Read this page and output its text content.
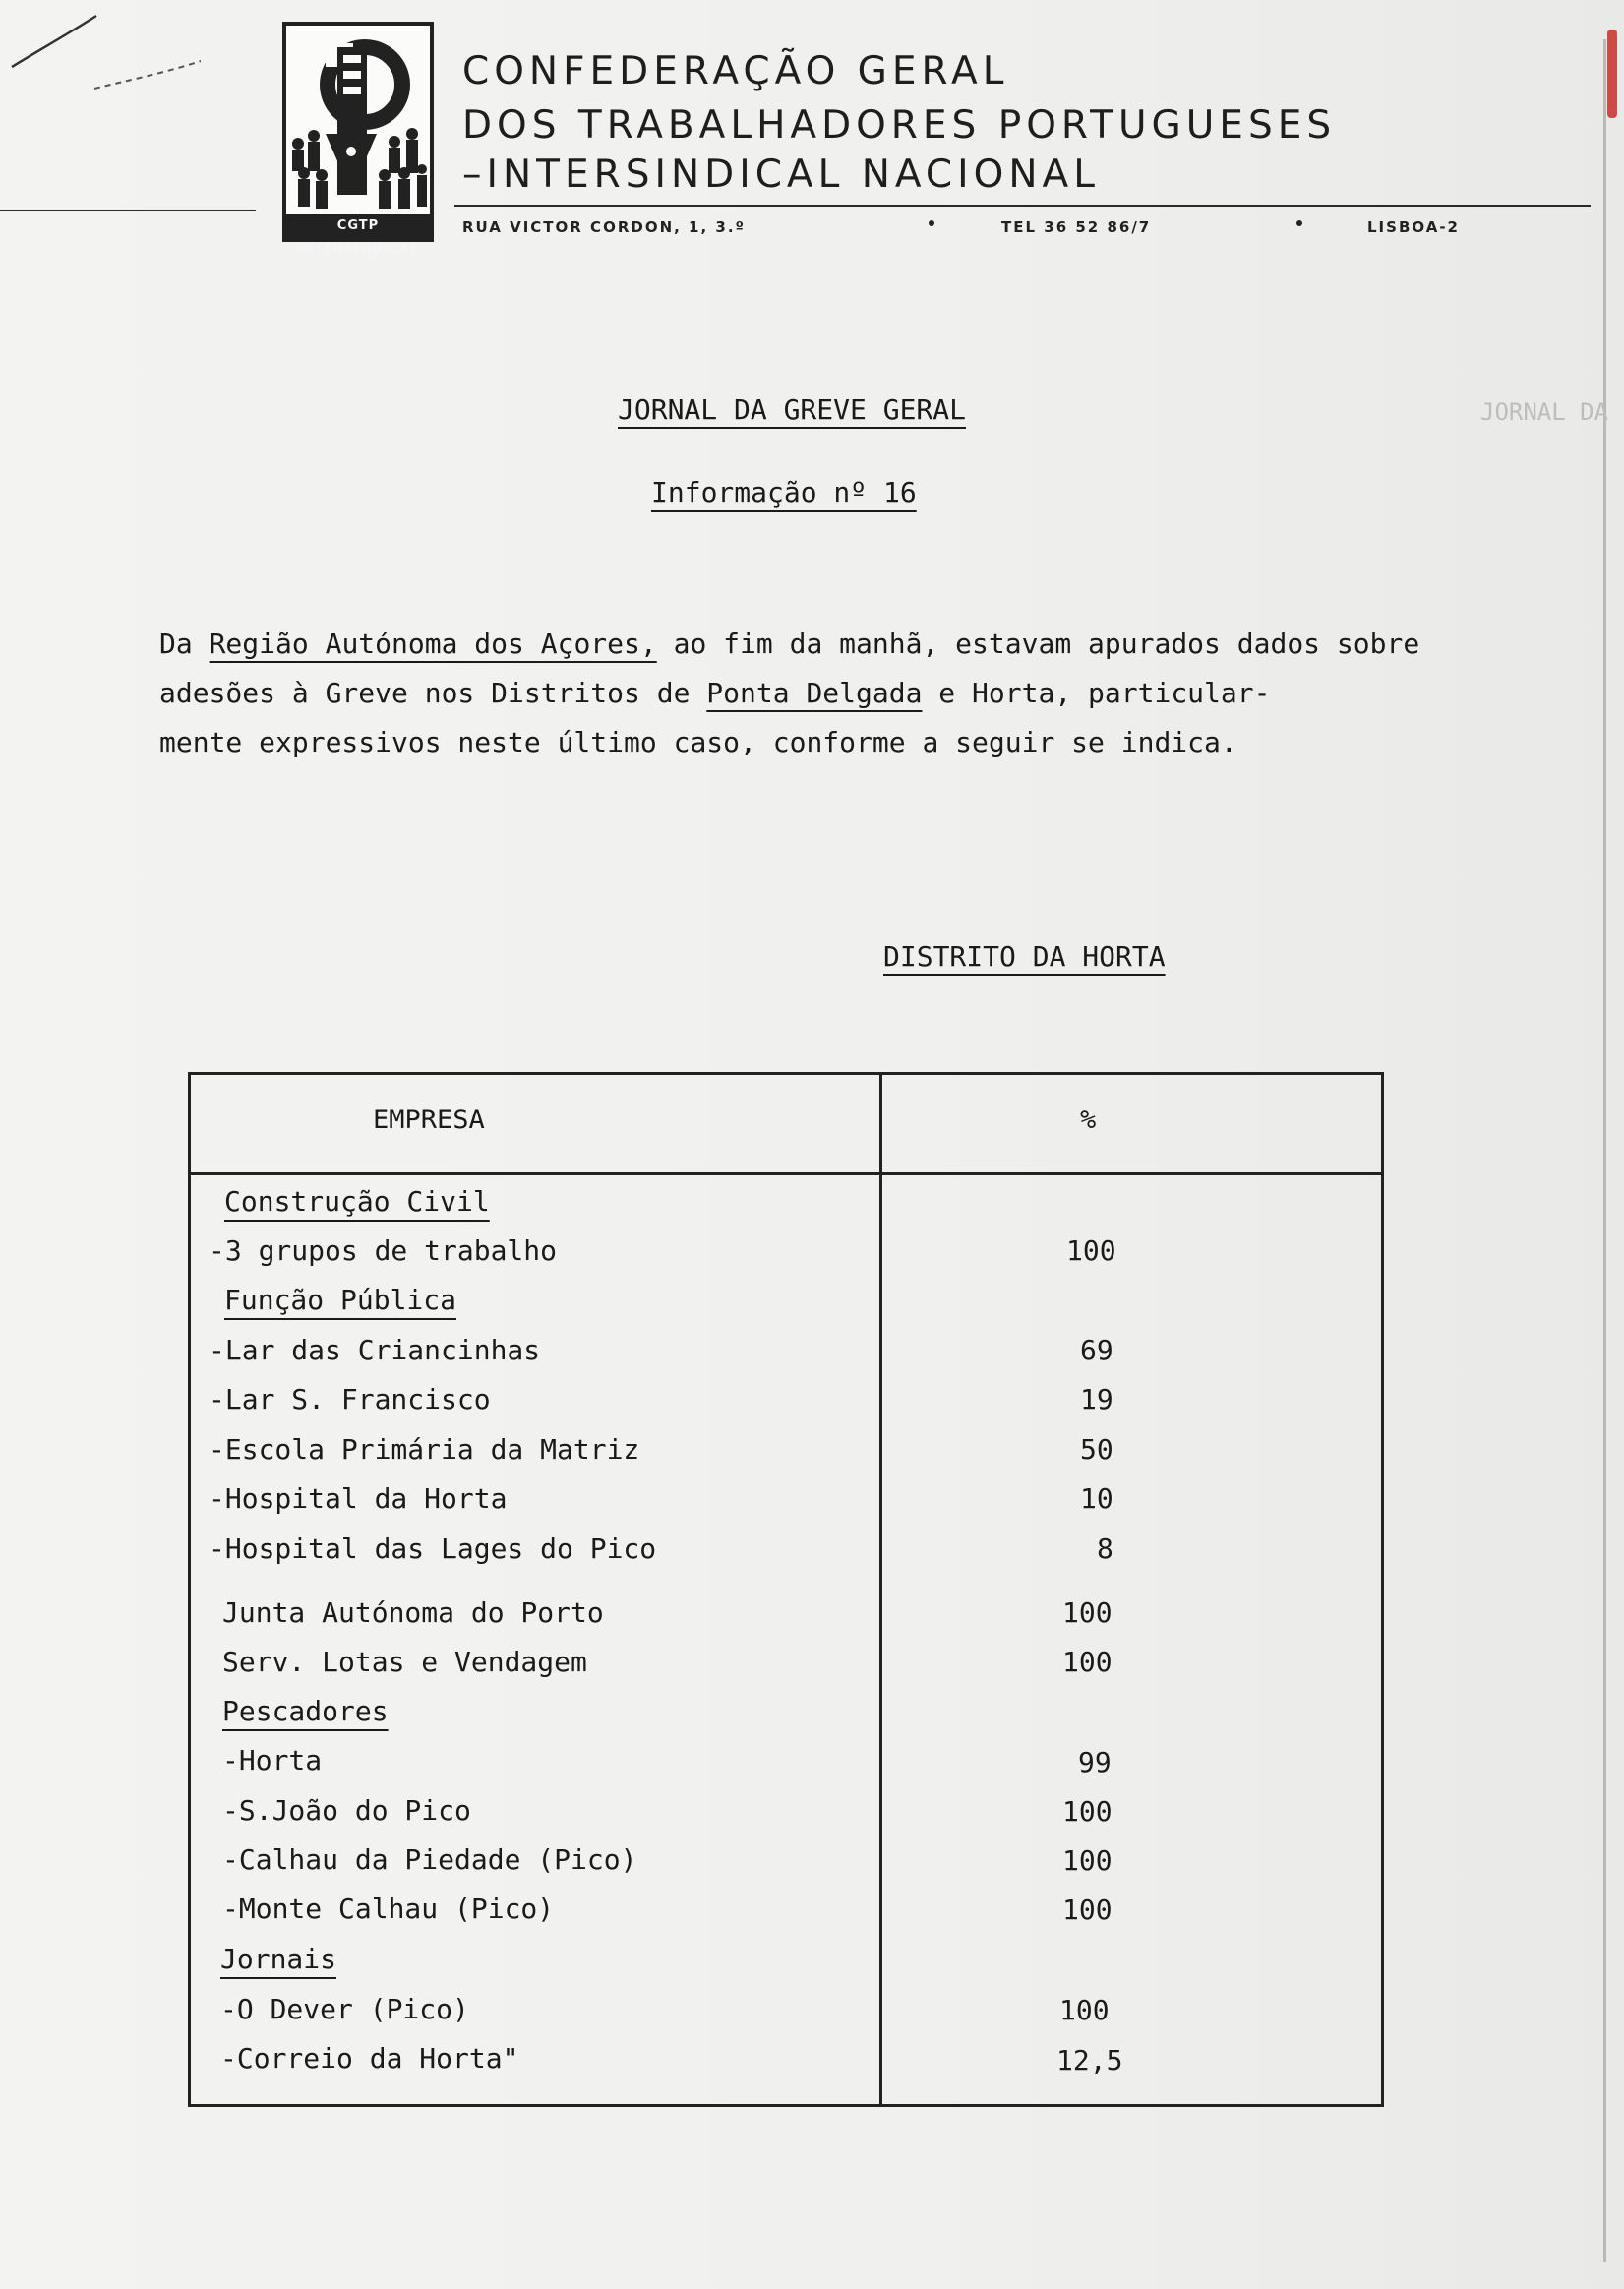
CGTP INTERSINDICAL
CONFEDERAÇÃO GERAL
DOS TRABALHADORES PORTUGUESES
–INTERSINDICAL NACIONAL
RUA VICTOR CORDON, 1, 3.º	TEL 36 52 86/7	LISBOA-2
JORNAL DA GREVE GERAL
Informação nº 16
JORNAL DA
Da Região Autónoma dos Açores, ao fim da manhã, estavam apurados dados sobre
adesões à Greve nos Distritos de Ponta Delgada e Horta, particular-
mente expressivos neste último caso, conforme a seguir se indica.
DISTRITO DA HORTA
EMPRESA	%
Construção Civil
-3 grupos de trabalho	100
Função Pública
-Lar das Criancinhas	69
-Lar S. Francisco	19
-Escola Primária da Matriz	50
-Hospital da Horta	10
-Hospital das Lages do Pico	8
Junta Autónoma do Porto	100
Serv. Lotas e Vendagem	100
Pescadores
-Horta	99
-S.João do Pico	100
-Calhau da Piedade (Pico)	100
-Monte Calhau (Pico)	100
Jornais
-O Dever (Pico)	100
-Correio da Horta"	12,5
